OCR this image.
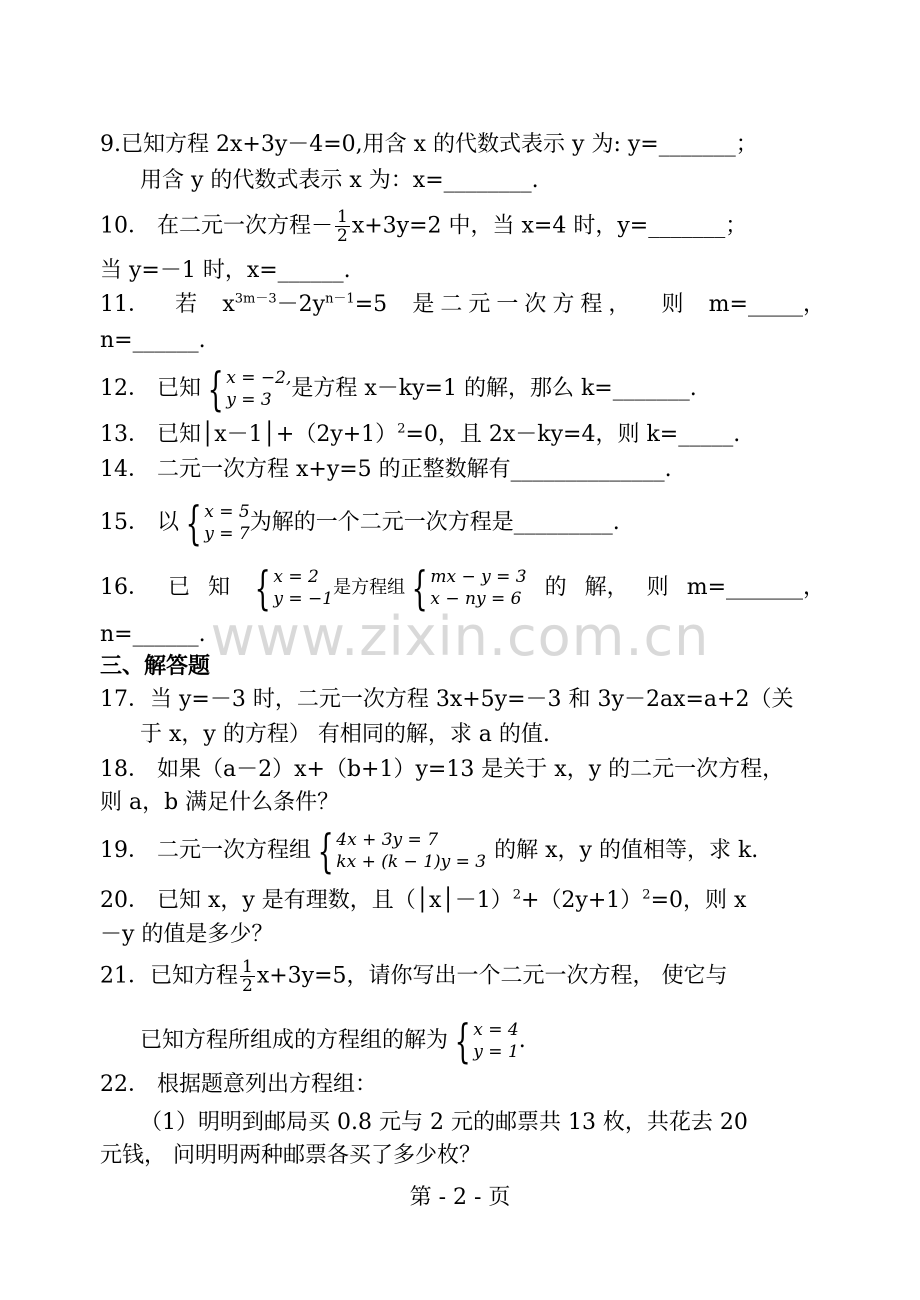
9.已知方程 2x+3y－4=0,用含 x 的代数式表示 y 为: y=_______；
用含 y 的代数式表示 x 为：x=________.
10． 在二元一次方程－ $\frac{1}{2} x+3y=2$ 中，当 x=4 时，y=_______；
当 y=－1 时，x=______.
11． 若 $x^{3m-3}-2y^{n-1}=5$ 是二元一次方程， 则 m=_____，
n=______.
12． 已知 { x = −2,
y = 3 是方程 x－ky=1 的解，那么 k=_______.
13． 已知$│x-1│+(2y+1)^2=0$，且 2x－ky=4，则 k=_____.
14． 二元一次方程 x+y=5 的正整数解有______________.
15． 以 { x = 5
y = 7 为解的一个二元一次方程是_________.
16． 已 知 { x = 2
y = −1
是方程组 { mx − y = 3
x − ny = 6 的 解， 则 m=_______，
n=______.
三、解答题
17．当 y=－3 时，二元一次方程 3x+5y=－3 和 3y－2ax=a+2（关
于 x，y 的方程） 有相同的解，求 a 的值.
18． 如果（a－2）x+（b+1）y=13 是关于 x，y 的二元一次方程，
则 a，b 满足什么条件？
19． 二元一次方程组 { 4x + 3y = 7
kx + (k − 1)y = 3 的解 x，y 的值相等，求 k.
20． 已知 x，y 是有理数，且$(│x│-1)^2+(2y+1)^2=0$，则 x
－y 的值是多少？
21．已知方程 $\frac{1}{2} x+3y=5$，请你写出一个二元一次方程， 使它与
已知方程所组成的方程组的解为 { x = 4
y = 1 .
22． 根据题意列出方程组：
（1）明明到邮局买 0.8 元与 2 元的邮票共 13 枚，共花去 20
元钱， 问明明两种邮票各买了多少枚？
www.zixin.com.cn
第 - 2 - 页
